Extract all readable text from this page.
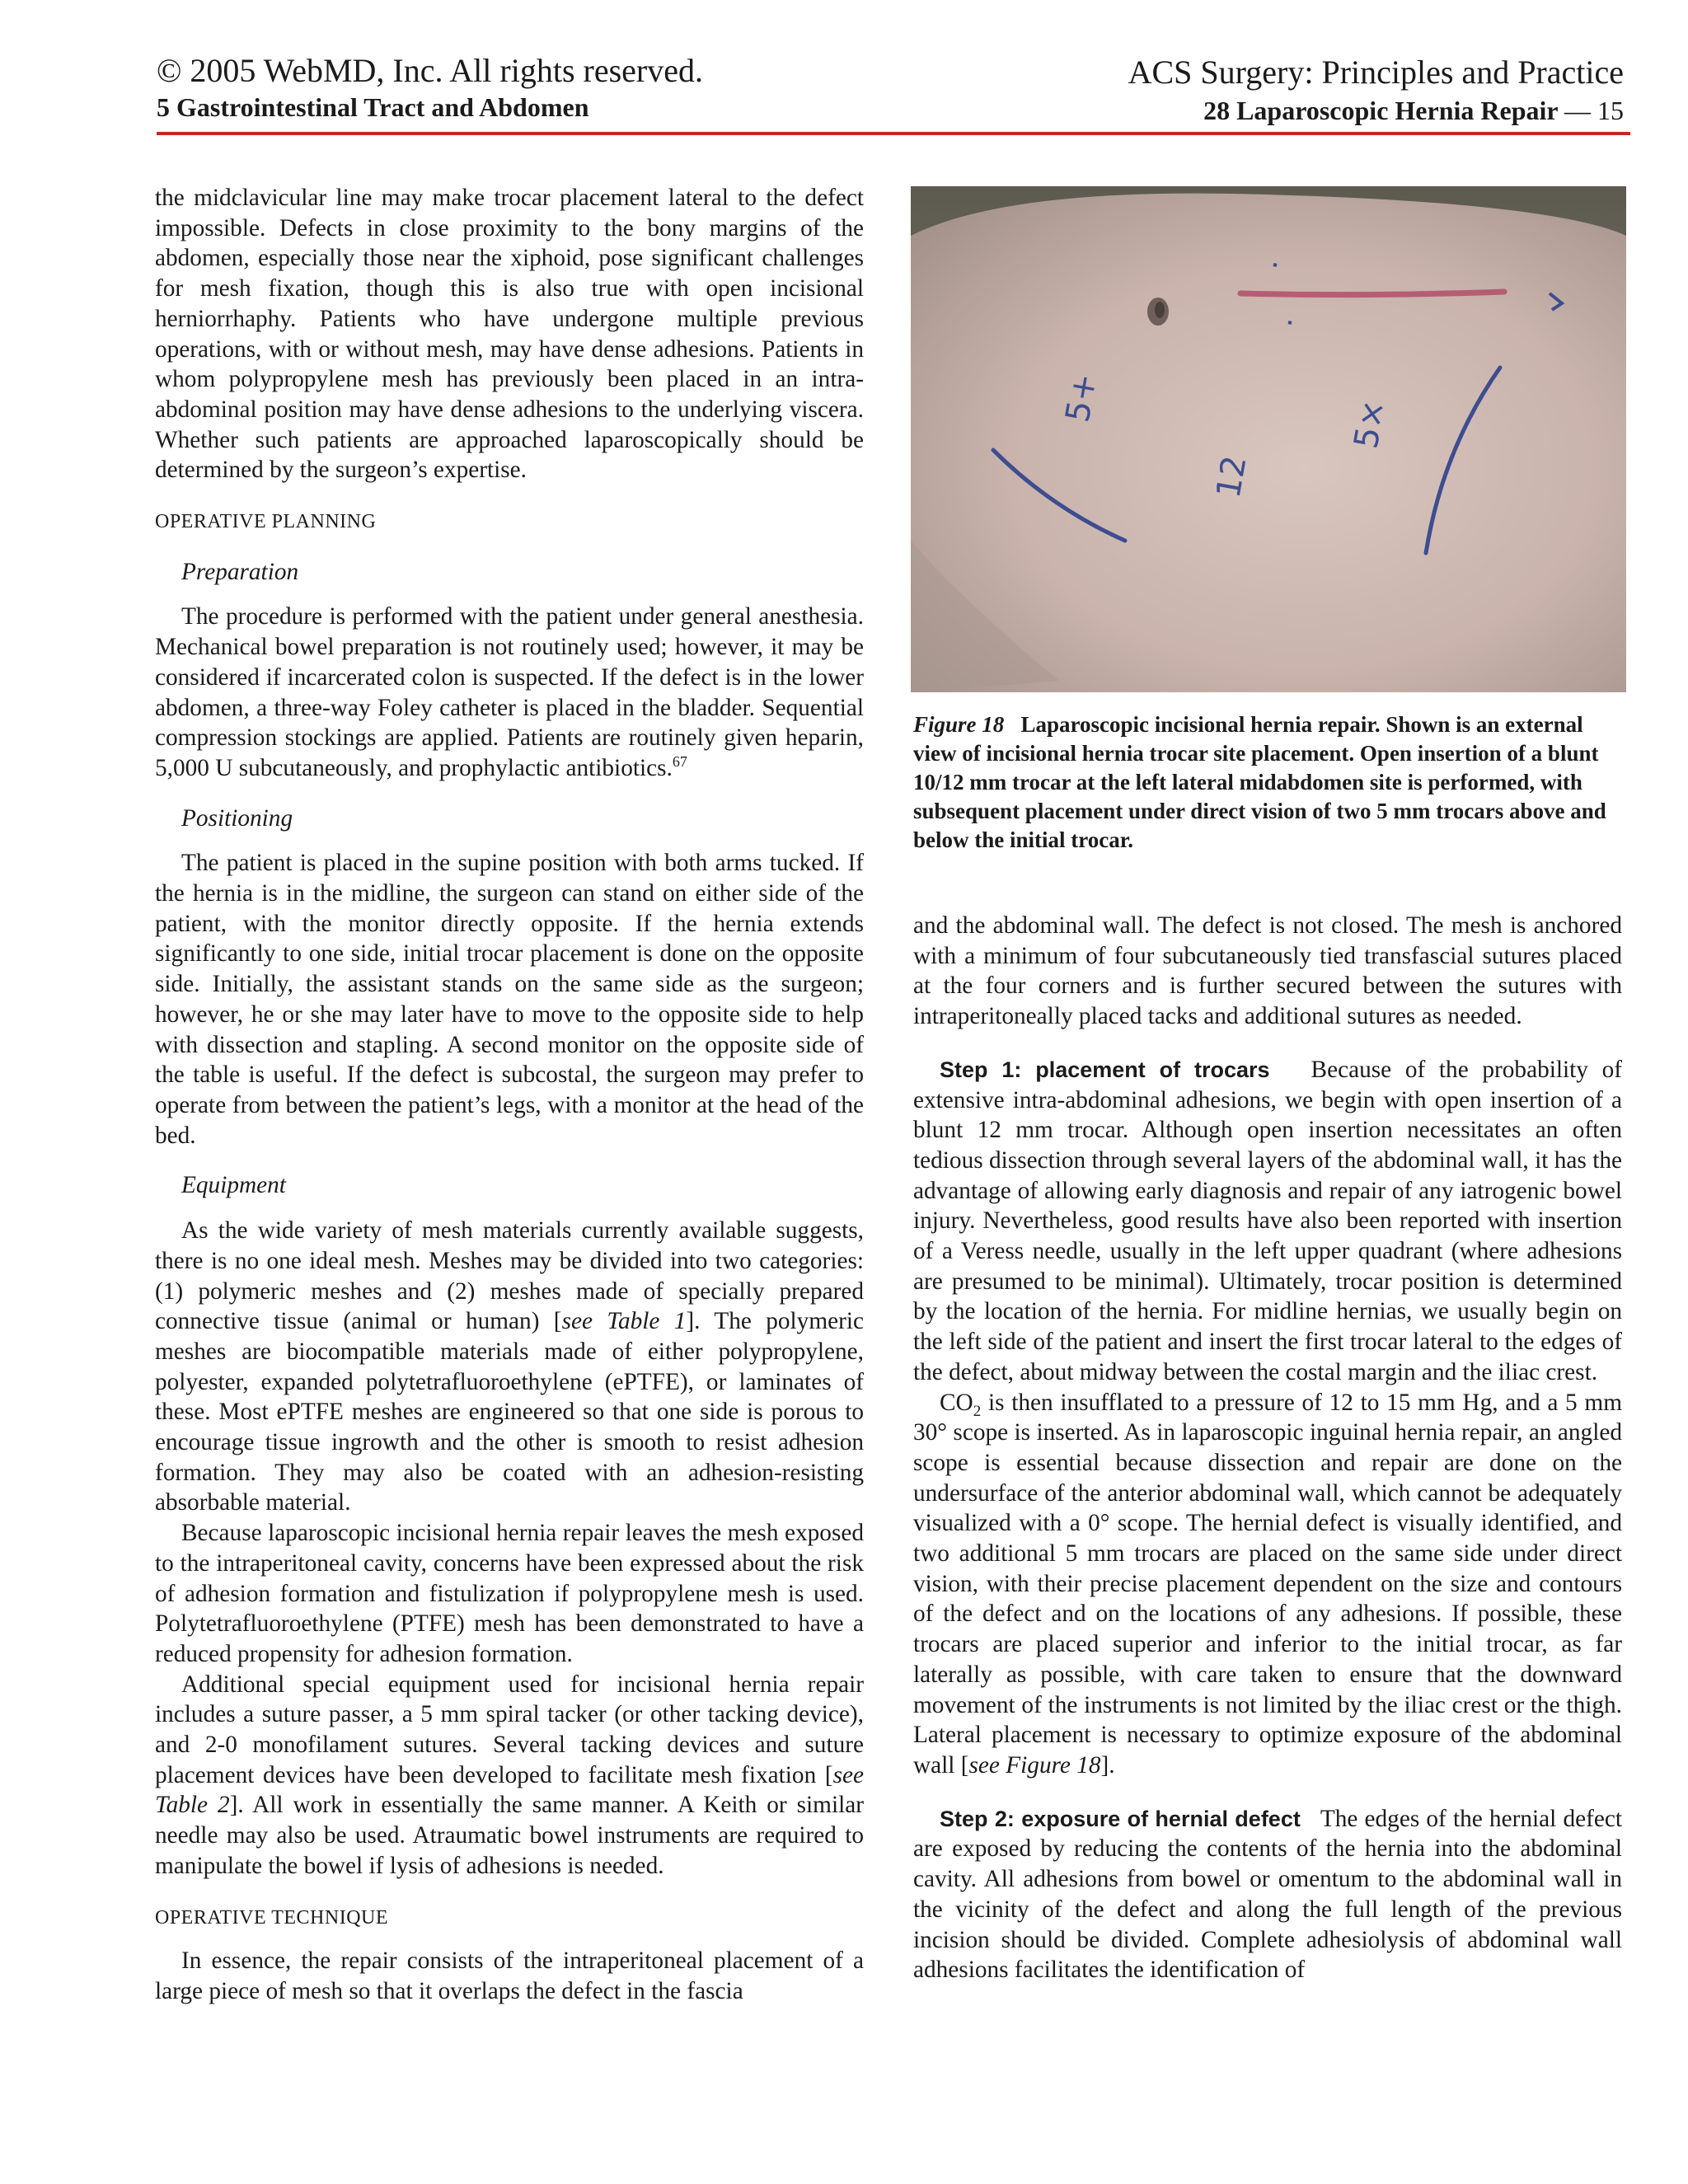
© 2005 WebMD, Inc. All rights reserved.
5 Gastrointestinal Tract and Abdomen
ACS Surgery: Principles and Practice
28 Laparoscopic Hernia Repair — 15

the midclavicular line may make trocar placement lateral to the defect impossible. Defects in close proximity to the bony margins of the abdomen, especially those near the xiphoid, pose significant challenges for mesh fixation, though this is also true with open incisional herniorrhaphy. Patients who have undergone multiple previous operations, with or without mesh, may have dense adhesions. Patients in whom polypropylene mesh has previously been placed in an intra-abdominal position may have dense adhesions to the underlying viscera. Whether such patients are approached laparoscopically should be determined by the surgeon’s expertise.

OPERATIVE PLANNING

Preparation

The procedure is performed with the patient under general anesthesia. Mechanical bowel preparation is not routinely used; however, it may be considered if incarcerated colon is suspected. If the defect is in the lower abdomen, a three-way Foley catheter is placed in the bladder. Sequential compression stockings are applied. Patients are routinely given heparin, 5,000 U subcutaneously, and prophylactic antibiotics.$^{67}$

Positioning

The patient is placed in the supine position with both arms tucked. If the hernia is in the midline, the surgeon can stand on either side of the patient, with the monitor directly opposite. If the hernia extends significantly to one side, initial trocar placement is done on the opposite side. Initially, the assistant stands on the same side as the surgeon; however, he or she may later have to move to the opposite side to help with dissection and stapling. A second monitor on the opposite side of the table is useful. If the defect is subcostal, the surgeon may prefer to operate from between the patient’s legs, with a monitor at the head of the bed.

Equipment

As the wide variety of mesh materials currently available suggests, there is no one ideal mesh. Meshes may be divided into two categories: (1) polymeric meshes and (2) meshes made of specially prepared connective tissue (animal or human) [see Table 1]. The polymeric meshes are biocompatible materials made of either polypropylene, polyester, expanded polytetrafluoroethylene (ePTFE), or laminates of these. Most ePTFE meshes are engineered so that one side is porous to encourage tissue ingrowth and the other is smooth to resist adhesion formation. They may also be coated with an adhesion-resisting absorbable material.

Because laparoscopic incisional hernia repair leaves the mesh exposed to the intraperitoneal cavity, concerns have been expressed about the risk of adhesion formation and fistulization if polypropylene mesh is used. Polytetrafluoroethylene (PTFE) mesh has been demonstrated to have a reduced propensity for adhesion formation.

Additional special equipment used for incisional hernia repair includes a suture passer, a 5 mm spiral tacker (or other tacking device), and 2-0 monofilament sutures. Several tacking devices and suture placement devices have been developed to facilitate mesh fixation [see Table 2]. All work in essentially the same manner. A Keith or similar needle may also be used. Atraumatic bowel instruments are required to manipulate the bowel if lysis of adhesions is needed.

OPERATIVE TECHNIQUE

In essence, the repair consists of the intraperitoneal placement of a large piece of mesh so that it overlaps the defect in the fascia

5+
12
5×
Figure 18 Laparoscopic incisional hernia repair. Shown is an external view of incisional hernia trocar site placement. Open insertion of a blunt 10/12 mm trocar at the left lateral midabdomen site is performed, with subsequent placement under direct vision of two 5 mm trocars above and below the initial trocar.

and the abdominal wall. The defect is not closed. The mesh is anchored with a minimum of four subcutaneously tied transfascial sutures placed at the four corners and is further secured between the sutures with intraperitoneally placed tacks and additional sutures as needed.

Step 1: placement of trocars Because of the probability of extensive intra-abdominal adhesions, we begin with open insertion of a blunt 12 mm trocar. Although open insertion necessitates an often tedious dissection through several layers of the abdominal wall, it has the advantage of allowing early diagnosis and repair of any iatrogenic bowel injury. Nevertheless, good results have also been reported with insertion of a Veress needle, usually in the left upper quadrant (where adhesions are presumed to be minimal). Ultimately, trocar position is determined by the location of the hernia. For midline hernias, we usually begin on the left side of the patient and insert the first trocar lateral to the edges of the defect, about midway between the costal margin and the iliac crest.

$CO_2$ is then insufflated to a pressure of 12 to 15 mm Hg, and a 5 mm 30° scope is inserted. As in laparoscopic inguinal hernia repair, an angled scope is essential because dissection and repair are done on the undersurface of the anterior abdominal wall, which cannot be adequately visualized with a 0° scope. The hernial defect is visually identified, and two additional 5 mm trocars are placed on the same side under direct vision, with their precise placement dependent on the size and contours of the defect and on the locations of any adhesions. If possible, these trocars are placed superior and inferior to the initial trocar, as far laterally as possible, with care taken to ensure that the downward movement of the instruments is not limited by the iliac crest or the thigh. Lateral placement is necessary to optimize exposure of the abdominal wall [see Figure 18].

Step 2: exposure of hernial defect The edges of the hernial defect are exposed by reducing the contents of the hernia into the abdominal cavity. All adhesions from bowel or omentum to the abdominal wall in the vicinity of the defect and along the full length of the previous incision should be divided. Complete adhesiolysis of abdominal wall adhesions facilitates the identification of
